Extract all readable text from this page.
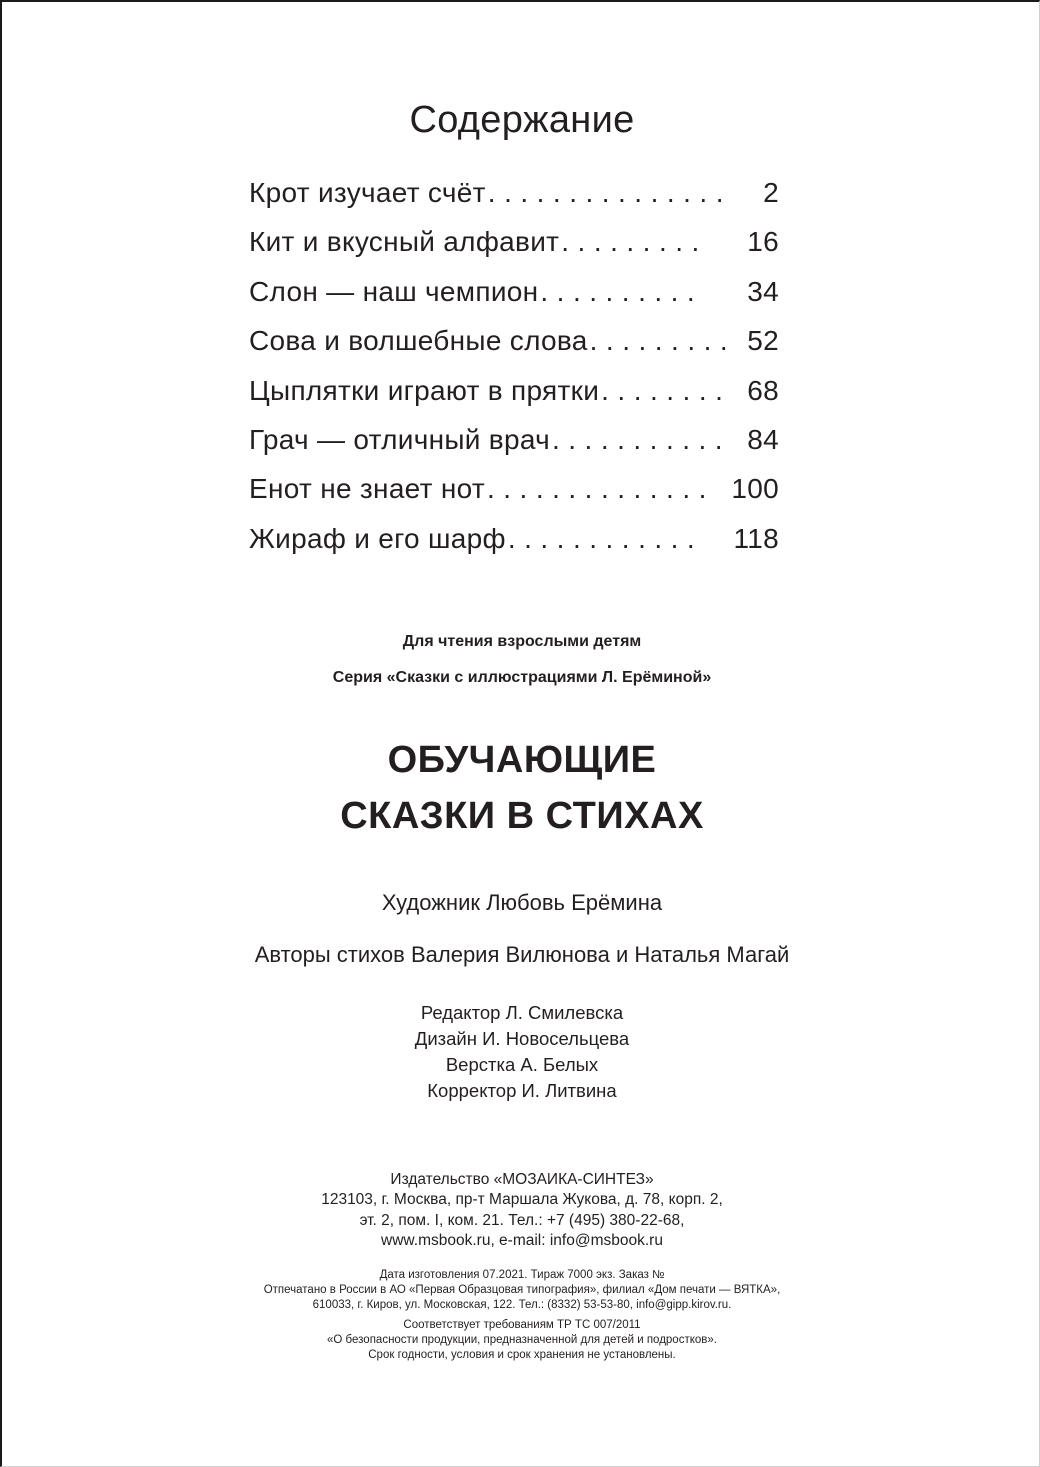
Содержание
Крот изучает счёт ...............	2
Кит и вкусный алфавит .........	16
Слон — наш чемпион ..........	34
Сова и волшебные слова ......... 52
Цыплятки играют в прятки ........ 68
Грач — отличный врач ........... 84
Енот не знает нот .............. 100
Жираф и его шарф ............	118
Для чтения взрослыми детям
Серия «Сказки с иллюстрациями Л. Ерёминой»
ОБУЧАЮЩИЕ
СКАЗКИ В СТИХАХ
Художник Любовь Ерёмина
Авторы стихов Валерия Вилюнова и Наталья Магай
Редактор Л. Смилевска
Дизайн И. Новосельцева
Верстка А. Белых
Корректор И. Литвина
Издательство «МОЗАИКА-СИНТЕЗ»
123103, г. Москва, пр-т Маршала Жукова, д. 78, корп. 2,
эт. 2, пом. I, ком. 21. Тел.: +7 (495) 380-22-68,
www.msbook.ru, e-mail: info@msbook.ru
Дата изготовления 07.2021. Тираж 7000 экз. Заказ №
Отпечатано в России в АО «Первая Образцовая типография», филиал «Дом печати — ВЯТКА»,
610033, г. Киров, ул. Московская, 122. Тел.: (8332) 53-53-80, info@gipp.kirov.ru.
Соответствует требованиям ТР ТС 007/2011
«О безопасности продукции, предназначенной для детей и подростков».
Срок годности, условия и срок хранения не установлены.
